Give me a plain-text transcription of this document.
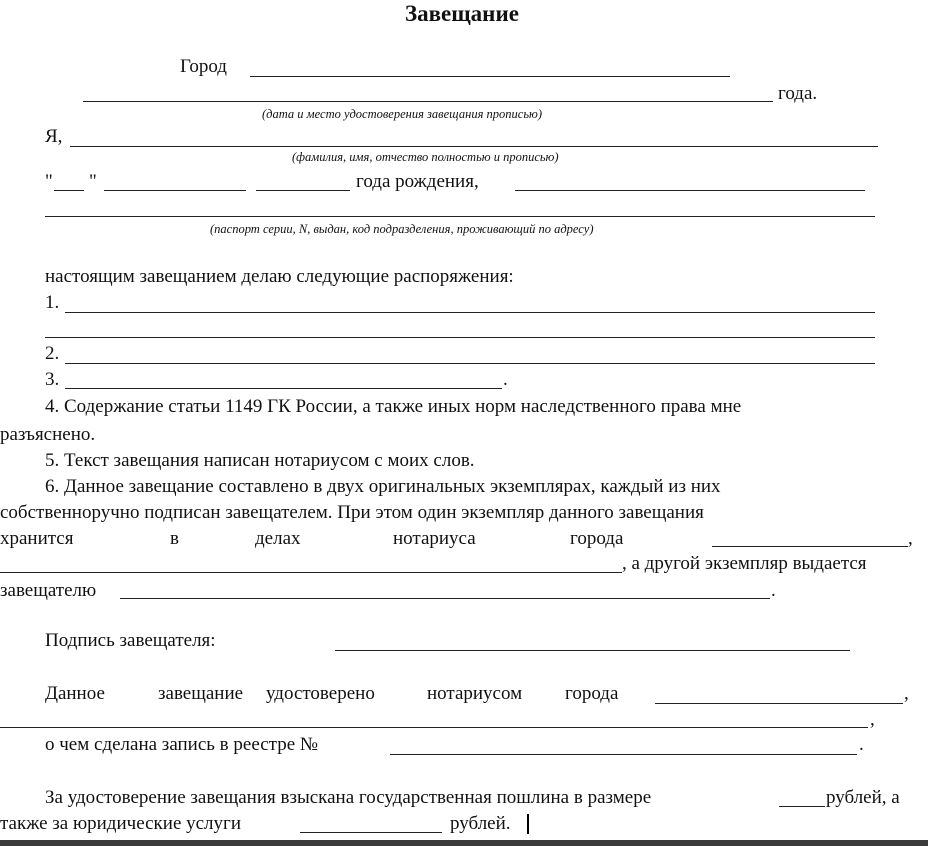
Завещание
Город
года.
(дата и место удостоверения завещания прописью)
Я,
(фамилия, имя, отчество полностью и прописью)
" "	года рождения,
(паспорт серии, N, выдан, код подразделения, проживающий по адресу)
настоящим завещанием делаю следующие распоряжения:
1.
2.
3.	.
4. Содержание статьи 1149 ГК России, а также иных норм наследственного права мне
разъяснено.
5. Текст завещания написан нотариусом с моих слов.
6. Данное завещание составлено в двух оригинальных экземплярах, каждый из них
собственноручно подписан завещателем. При этом один экземпляр данного завещания
хранится	в	делах	нотариуса	города	,
, а другой экземпляр выдается
завещателю	.
Подпись завещателя:
Данное	завещание удостоверено	нотариусом города	,
,
о чем сделана запись в реестре №	.
За удостоверение завещания взыскана государственная пошлина в размере	рублей, а
также за юридические услуги	рублей.
